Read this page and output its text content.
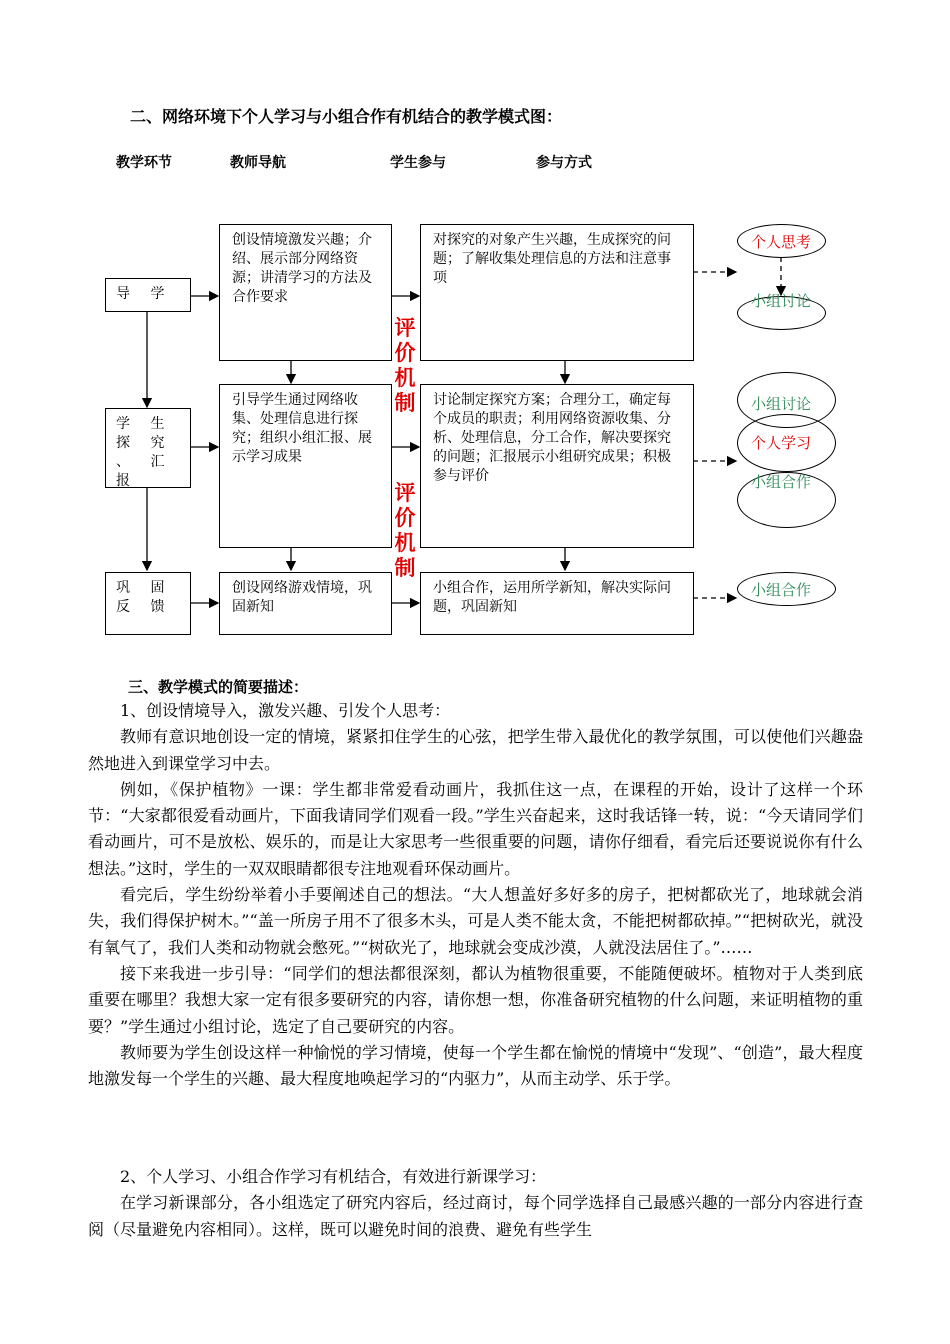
二、网络环境下个人学习与小组合作有机结合的教学模式图：
教学环节	教师导航	学生参与	参与方式
导 学
学 生 探 究 、 汇 报
巩 固 反 馈
创设情境激发兴趣；介绍、展示部分网络资源；讲清学习的方法及合作要求
引导学生通过网络收集、处理信息进行探究；组织小组汇报、展示学习成果
创设网络游戏情境，巩固新知
对探究的对象产生兴趣，生成探究的问题；了解收集处理信息的方法和注意事项
讨论制定探究方案；合理分工，确定每个成员的职责；利用网络资源收集、分析、处理信息，分工合作，解决要探究的问题；汇报展示小组研究成果；积极参与评价
小组合作，运用所学新知，解决实际问题，巩固新知
评价机制
评价机制
个人思考
小组讨论
小组讨论
个人学习
小组合作
小组合作
三、教学模式的简要描述：

1、创设情境导入，激发兴趣、引发个人思考：

教师有意识地创设一定的情境，紧紧扣住学生的心弦，把学生带入最优化的教学氛围，可以使他们兴趣盎然地进入到课堂学习中去。

例如，《保护植物》一课：学生都非常爱看动画片，我抓住这一点，在课程的开始，设计了这样一个环节：“大家都很爱看动画片，下面我请同学们观看一段。”学生兴奋起来，这时我话锋一转，说：“今天请同学们看动画片，可不是放松、娱乐的，而是让大家思考一些很重要的问题，请你仔细看，看完后还要说说你有什么想法。”这时，学生的一双双眼睛都很专注地观看环保动画片。

看完后，学生纷纷举着小手要阐述自己的想法。“大人想盖好多好多的房子，把树都砍光了，地球就会消失，我们得保护树木。”“盖一所房子用不了很多木头，可是人类不能太贪，不能把树都砍掉。”“把树砍光，就没有氧气了，我们人类和动物就会憋死。”“树砍光了，地球就会变成沙漠，人就没法居住了。”……

接下来我进一步引导：“同学们的想法都很深刻，都认为植物很重要，不能随便破坏。植物对于人类到底重要在哪里？我想大家一定有很多要研究的内容，请你想一想，你准备研究植物的什么问题，来证明植物的重要？”学生通过小组讨论，选定了自己要研究的内容。

教师要为学生创设这样一种愉悦的学习情境，使每一个学生都在愉悦的情境中“发现”、“创造”，最大程度地激发每一个学生的兴趣、最大程度地唤起学习的“内驱力”，从而主动学、乐于学。

2、个人学习、小组合作学习有机结合，有效进行新课学习：

在学习新课部分，各小组选定了研究内容后，经过商讨，每个同学选择自己最感兴趣的一部分内容进行查阅（尽量避免内容相同）。这样，既可以避免时间的浪费、避免有些学生
